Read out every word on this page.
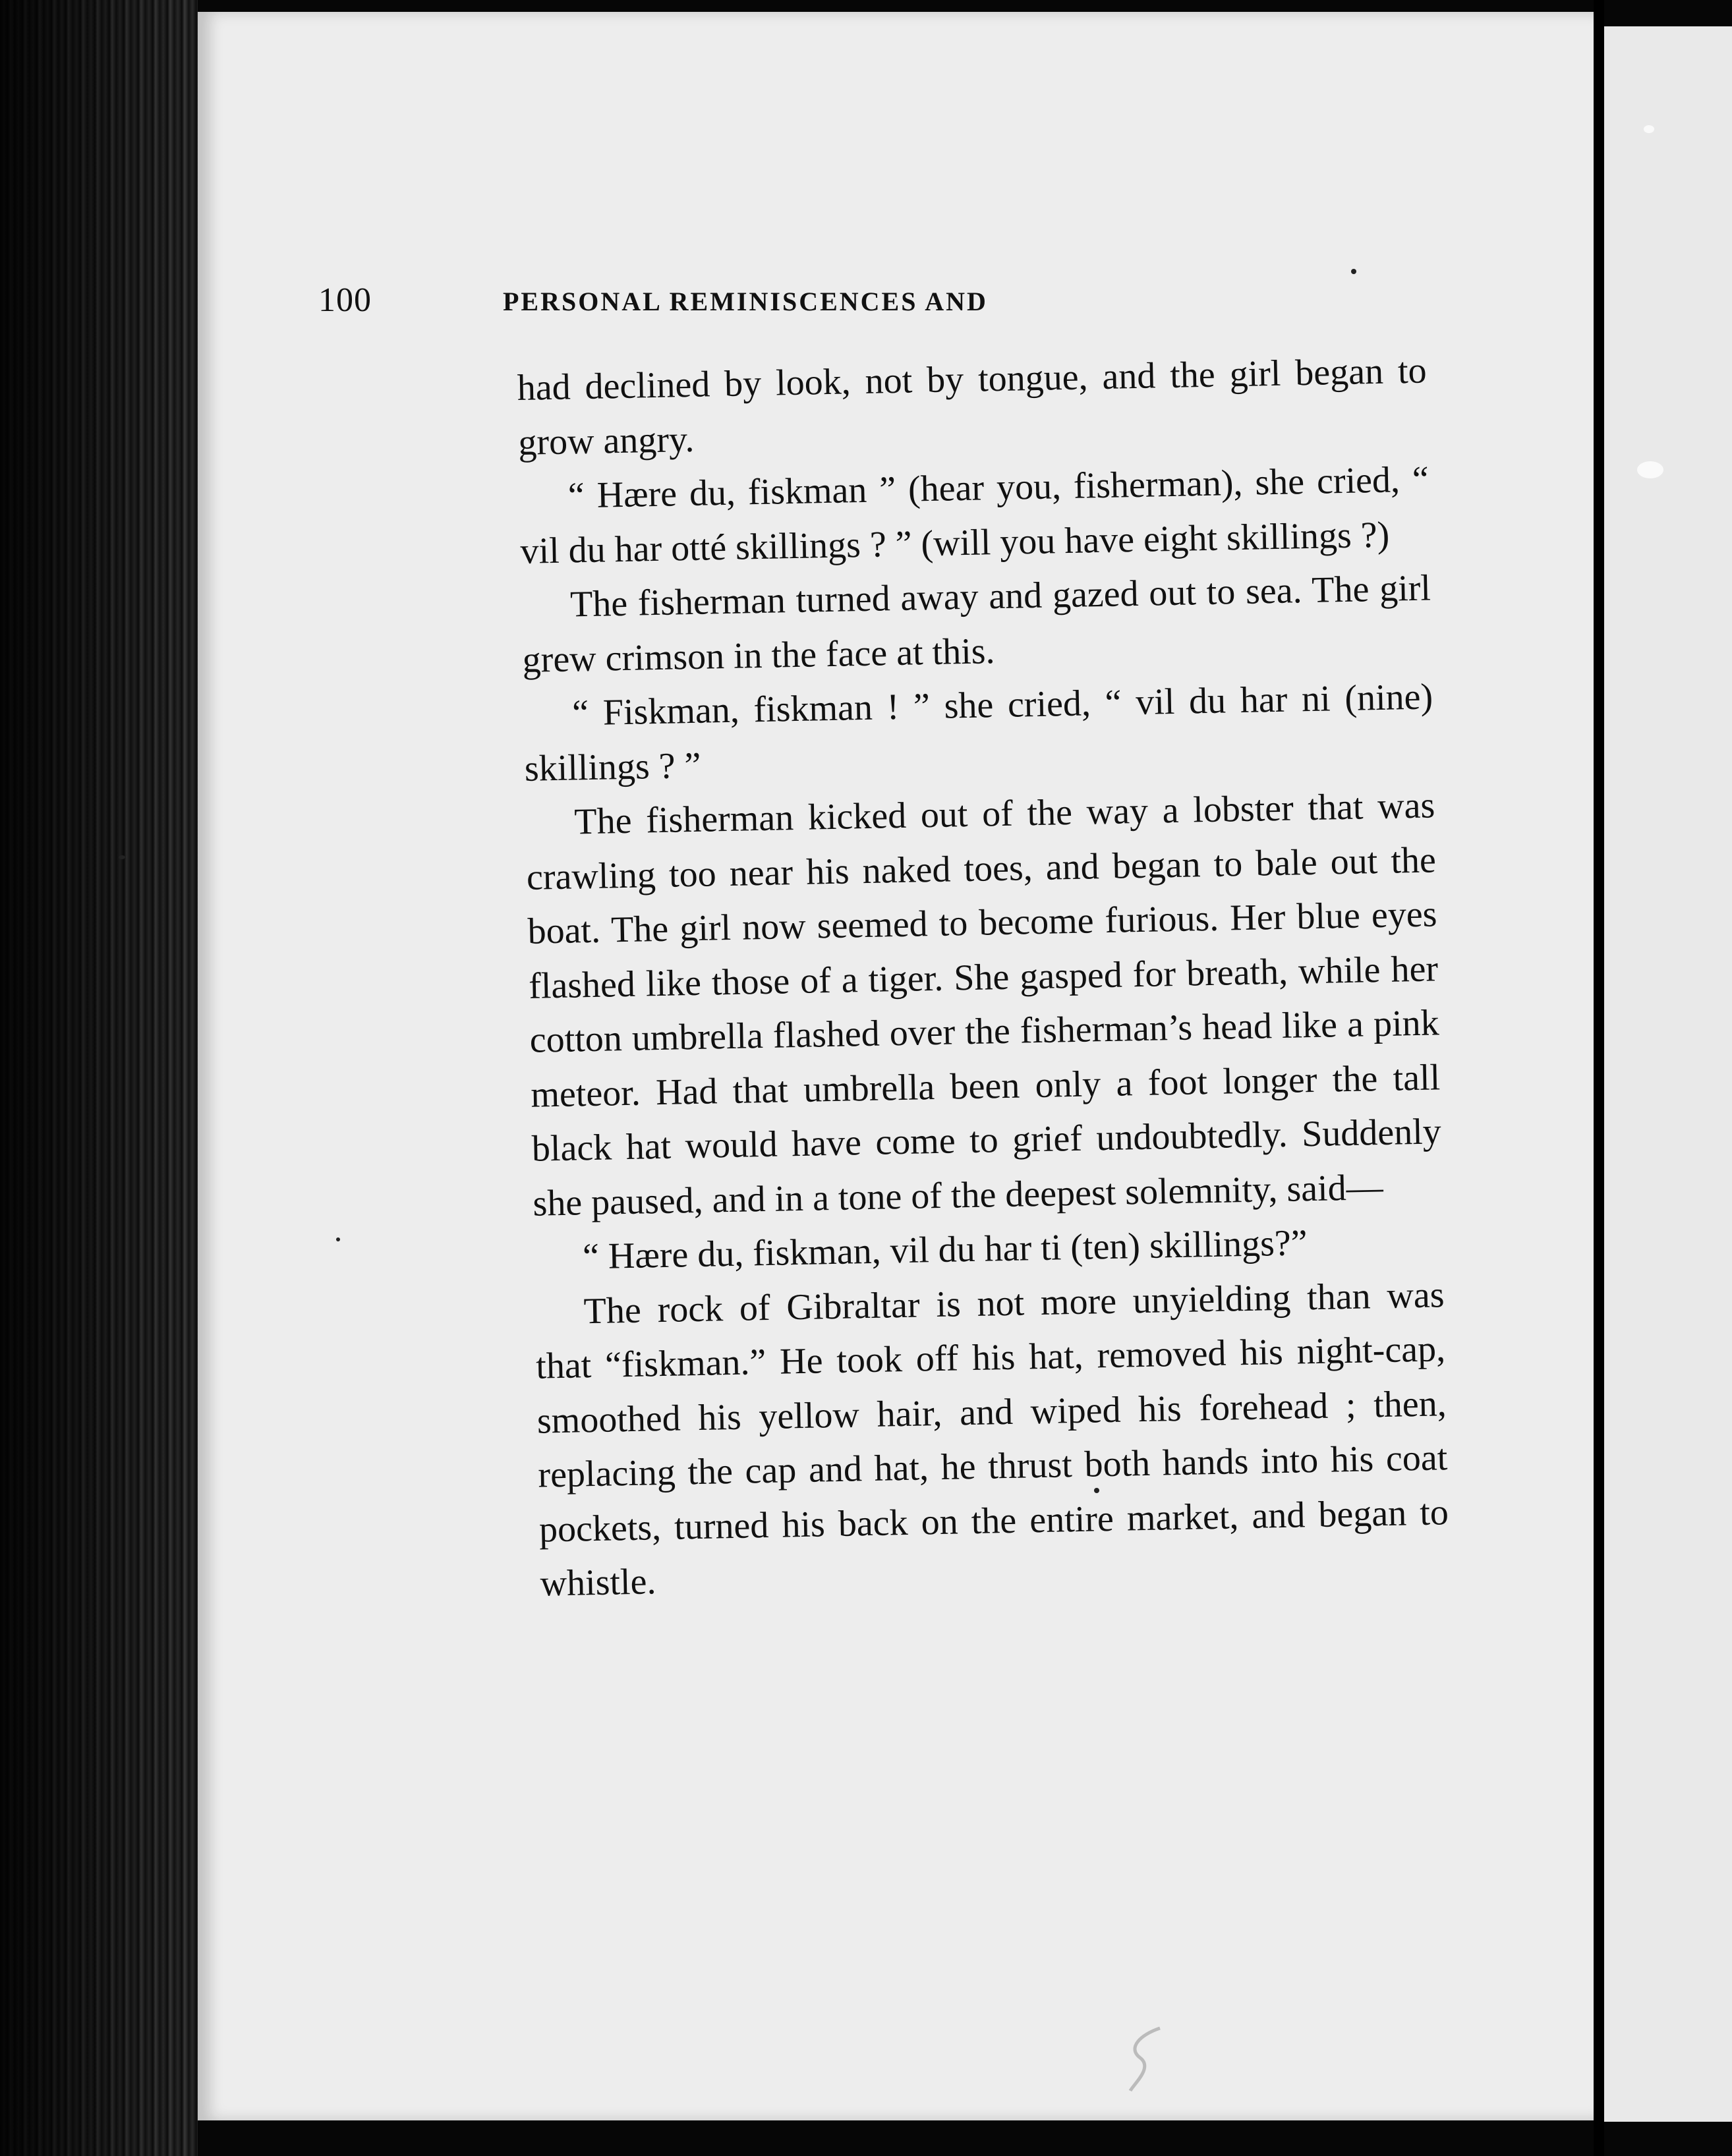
100	PERSONAL REMINISCENCES AND

had declined by look, not by tongue, and the girl began to grow angry.

“ Hære du, fiskman ” (hear you, fisherman), she cried, “ vil du har otté skillings ? ” (will you have eight skillings ?)

The fisherman turned away and gazed out to sea. The girl grew crimson in the face at this.

“ Fiskman, fiskman ! ” she cried, “ vil du har ni (nine) skillings ? ”

The fisherman kicked out of the way a lobster that was crawling too near his naked toes, and began to bale out the boat. The girl now seemed to become furious. Her blue eyes flashed like those of a tiger. She gasped for breath, while her cotton umbrella flashed over the fisherman’s head like a pink meteor. Had that umbrella been only a foot longer the tall black hat would have come to grief undoubtedly. Suddenly she paused, and in a tone of the deepest solemnity, said—

“ Hære du, fiskman, vil du har ti (ten) skillings?”

The rock of Gibraltar is not more unyielding than was that “fiskman.” He took off his hat, removed his night-cap, smoothed his yellow hair, and wiped his forehead ; then, replacing the cap and hat, he thrust both hands into his coat pockets, turned his back on the entire market, and began to whistle.
